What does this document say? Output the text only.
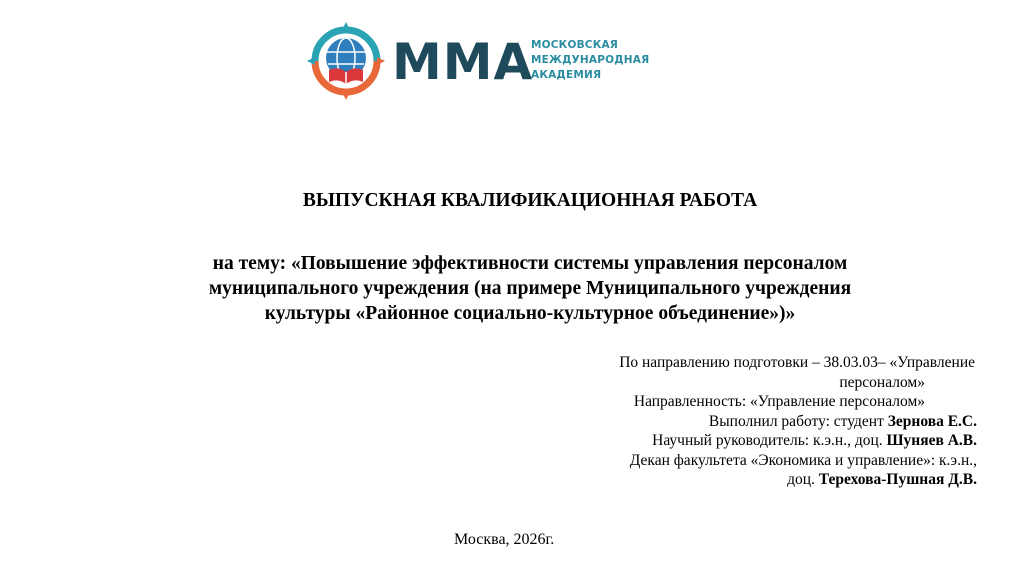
ММА
МОСКОВСКАЯ
МЕЖДУНАРОДНАЯ
АКАДЕМИЯ
ВЫПУСКНАЯ КВАЛИФИКАЦИОННАЯ РАБОТА
на тему: «Повышение эффективности системы управления персоналом
муниципального учреждения (на примере Муниципального учреждения
культуры «Районное социально-культурное объединение»)»
По направлению подготовки – 38.03.03– «Управление
персоналом»
Направленность: «Управление персоналом»
Выполнил работу: студент Зернова Е.С.
Научный руководитель: к.э.н., доц. Шуняев А.В.
Декан факультета «Экономика и управление»: к.э.н.,
доц. Терехова-Пушная Д.В.
Москва, 2026г.
